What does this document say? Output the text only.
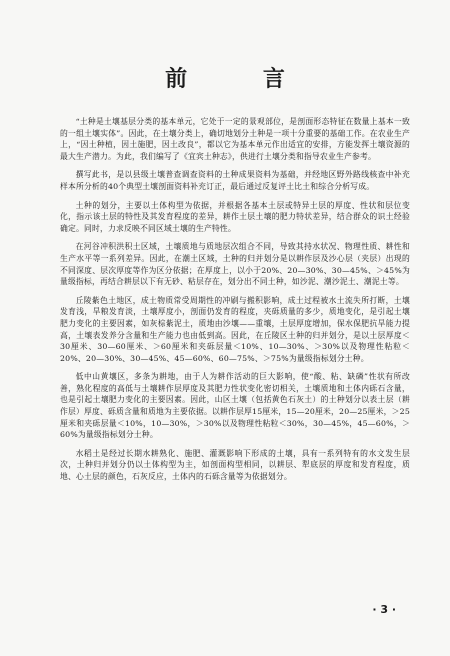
前 言

“土种是土壤基层分类的基本单元，它处于一定的景观部位，是剖面形态特征在数量上基本一致的一组土壤实体”。因此，在土壤分类上，确切地划分土种是一项十分重要的基础工作。在农业生产上，“因土种植，因土施肥，因土改良”，都以它为基本单元作出适宜的安排，方能发挥土壤资源的最大生产潜力。为此，我们编写了《宜宾土种志》，供进行土壤分类和指导农业生产参考。

撰写此书，是以县级土壤普查调查资料的土种成果资料为基础，并经地区野外路线核查中补充样本所分析的40个典型土壤剖面资料补充订正，最后通过反复评土比土和综合分析写成。

土种的划分，主要以土体构型为依据，并根据各基本土层或特异土层的厚度、性状和层位变化，指示该土层的特性及其发育程度的差异，耕作土层土壤的肥力特状差异，结合群众的识土经验确定。同时，力求反映不同区域土壤的生产特性。

在河谷冲积洪积土区域，土壤质地与质地层次组合不同，导致其持水状况、物理性质、耕性和生产水平等一系列差异。因此，在潮土区域，土种的归并划分是以耕作层及沙心层（夹层）出现的不同深度、层次厚度等作为区分依据；在厚度上，以小于20%、20—30%、30—45%、＞45%为量级指标，再结合耕层以下有无砂、粘层存在，划分出不同土种，如沙泥、潮沙泥土、潮泥土等。

丘陵紫色土地区，成土物质常受周期性的冲刷与搬积影响，成土过程被水土流失所打断，土壤发育浅，旱粮发育淡，土壤厚度小，剖面仍发育的程度，夹砾质量的多少，质地变化，是引起土壤肥力变化的主要因素，如灰棕紫泥土，质地由沙壤——重壤，土层厚度增加，保水保肥抗旱能力提高，土壤表发养分含量和生产能力也由低到高。因此，在丘陵区土种的归并划分，是以土层厚度＜30厘米、30—60厘米、＞60厘米和夹砾层量＜10%、10—30%、＞30%以及物理性粘粒＜20%、20—30%、30—45%、45—60%、60—75%、＞75%为量级指标划分土种。

低中山黄壤区，多条为耕地，由于人为耕作活动的巨大影响，使“酸、粘、缺磷”性状有所改善，熟化程度的高低与土壤耕作层厚度及其肥力性状变化密切相关，土壤质地和土体内砾石含量，也是引起土壤肥力变化的主要因素。因此，山区土壤（包括黄色石灰土）的土种划分以表土层（耕作层）厚度、砾质含量和质地为主要依据。以耕作层厚15厘米，15—20厘米，20—25厘米，＞25厘米和夹砾层量＜10%，10—30%，＞30%以及物理性粘粒＜30%，30—45%，45—60%，＞60%为量级指标划分土种。

水稻土是经过长期水耕熟化、施肥、灌溉影响下形成的土壤，具有一系列特有的水文发生层次，土种归并划分仍以土体构型为主，如剖面构型相同，以耕层、犁底层的厚度和发育程度，质地、心土层的颜色，石灰反应，土体内的石砾含量等为依据划分。

· 3 ·
